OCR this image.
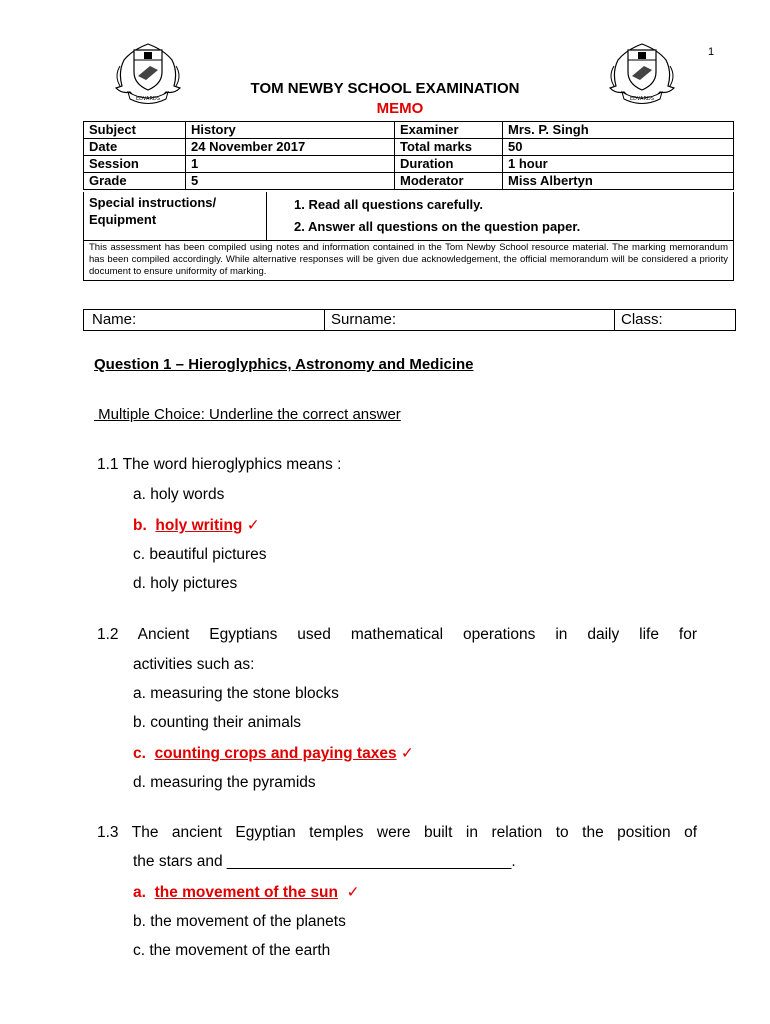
1
EDVARDS	EDVARDS
TOM NEWBY SCHOOL EXAMINATION
MEMO
Subject	History	Examiner	Mrs. P. Singh
Date	24 November 2017	Total marks	50
Session	1	Duration	1 hour
Grade	5	Moderator	Miss Albertyn
Special instructions/
Equipment
1. Read all questions carefully.
2. Answer all questions on the question paper.
This assessment has been compiled using notes and information contained in the Tom Newby School resource material. The marking memorandum has been compiled accordingly. While alternative responses will be given due acknowledgement, the official memorandum will be considered a priority document to ensure uniformity of marking.
Name:	Surname:	Class:
Question 1 – Hieroglyphics, Astronomy and Medicine
Multiple Choice: Underline the correct answer
1.1 The word hieroglyphics means :
a. holy words
b. holy writing ✓
c. beautiful pictures
d. holy pictures
1.2 Ancient Egyptians used mathematical operations in daily life for
activities such as:
a. measuring the stone blocks
b. counting their animals
c. counting crops and paying taxes ✓
d. measuring the pyramids
1.3 The ancient Egyptian temples were built in relation to the position of
the stars and _________________________________.
a. the movement of the sun ✓
b. the movement of the planets
c. the movement of the earth
